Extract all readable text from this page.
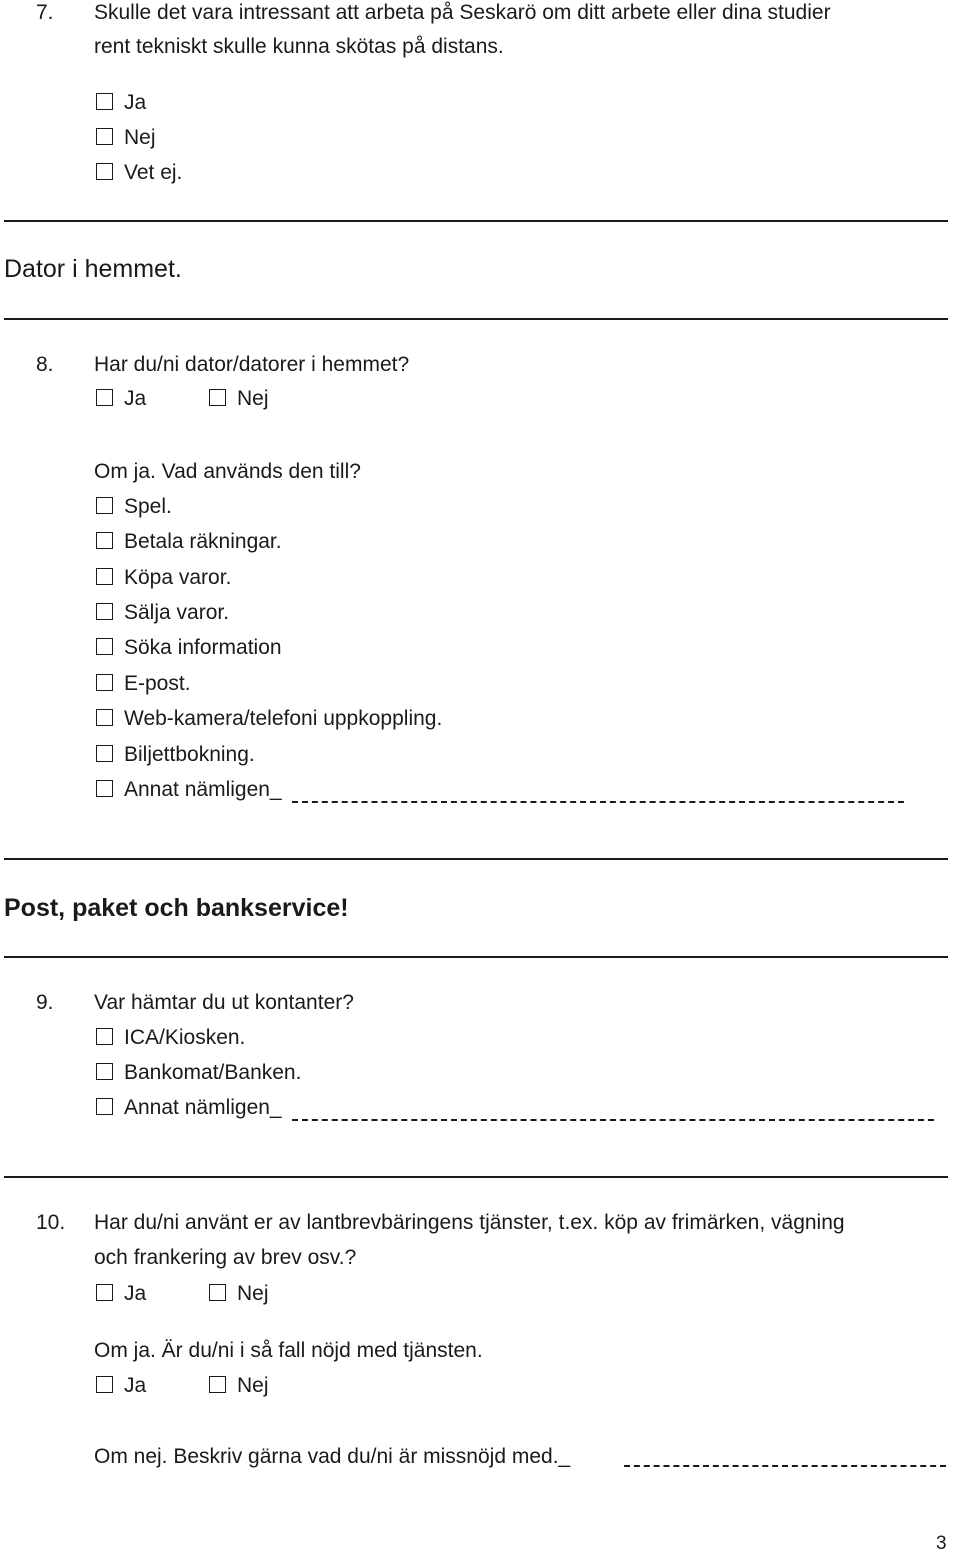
7. Skulle det vara intressant att arbeta på Seskarö om ditt arbete eller dina studier
rent tekniskt skulle kunna skötas på distans.
Ja
Nej
Vet ej.
Dator i hemmet.
8. Har du/ni dator/datorer i hemmet?
Ja	Nej
Om ja. Vad används den till?
Spel.
Betala räkningar.
Köpa varor.
Sälja varor.
Söka information
E-post.
Web-kamera/telefoni uppkoppling.
Biljettbokning.
Annat nämligen_
Post, paket och bankservice!
9. Var hämtar du ut kontanter?
ICA/Kiosken.
Bankomat/Banken.
Annat nämligen_
10. Har du/ni använt er av lantbrevbäringens tjänster, t.ex. köp av frimärken, vägning
och frankering av brev osv.?
Ja	Nej
Om ja. Är du/ni i så fall nöjd med tjänsten.
Ja	Nej
Om nej. Beskriv gärna vad du/ni är missnöjd med._
3
